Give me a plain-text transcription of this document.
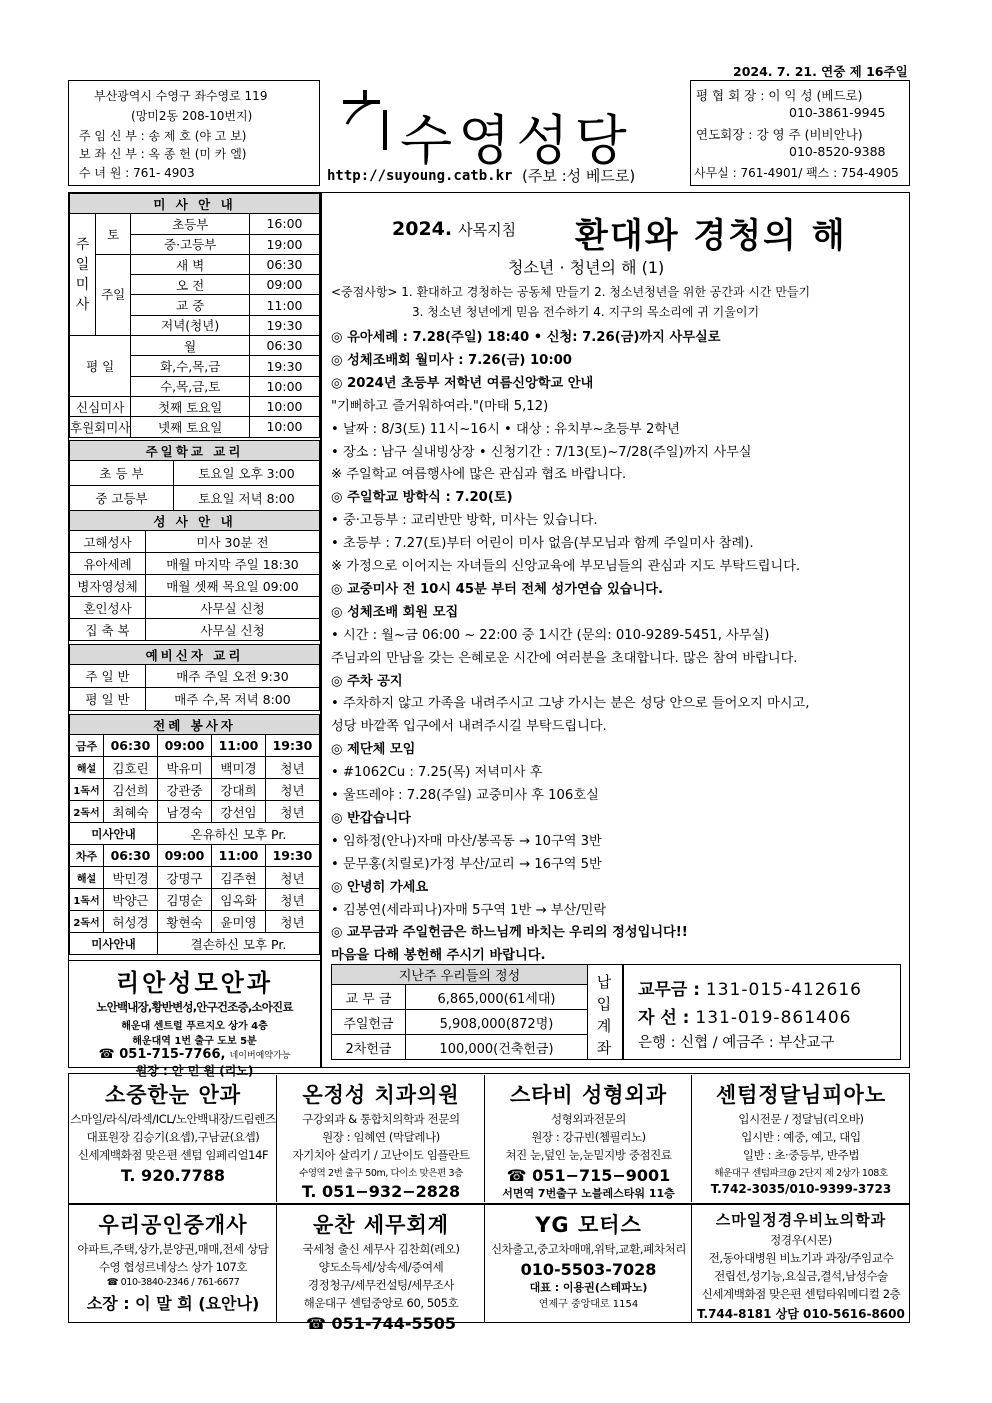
2024. 7. 21. 연중 제 16주일
부산광역시 수영구 좌수영로 119
(망미2동 208-10번지)
주 임 신 부 : 송 제 호 (야 고 보)
보 좌 신 부 : 옥 종 헌 (미 카 엘)
수 녀 원 : 761- 4903
수영성당
http://suyoung.catb.kr (주보 :성 베드로)
평 협 회 장 : 이 익 성 (베드로)
010-3861-9945
연도회장 : 강 영 주 (비비안나)
010-8520-9388
사무실 : 761-4901/ 팩스 : 754-4905
미 사 안 내			
주일미사	토	초등부	16:00
		중·고등부	19:00
	주일	새 벽	06:30
		오 전	09:00
		교 중	11:00
		저녁(청년)	19:30
평 일		월	06:30
		화,수,목,금	19:30
		수,목,금,토	10:00
신심미사		첫째 토요일	10:00
후원회미사		넷째 토요일	10:00
주일학교 교리	
초 등 부	토요일 오후 3:00
중 고등부	토요일 저녁 8:00
성 사 안 내	
고해성사	미사 30분 전
유아세례	매월 마지막 주일 18:30
병자영성체	매월 셋째 목요일 09:00
혼인성사	사무실 신청
집 축 복	사무실 신청
예비신자 교리	
주 일 반	매주 주일 오전 9:30
평 일 반	매주 수,목 저녁 8:00
전례 봉사자				
금주	06:30	09:00	11:00	19:30
해설	김호린	박유미	백미경	청년
1독서	김선희	강관중	강대희	청년
2독서	최혜숙	남경숙	강선임	청년
미사안내		온유하신 모후 Pr.		
차주	06:30	09:00	11:00	19:30
해설	박민경	강명구	김주현	청년
1독서	박양근	김명순	임옥화	청년
2독서	허성경	황현숙	윤미영	청년
미사안내		결손하신 모후 Pr.		
리안성모안과
노안백내장,황반변성,안구건조증,소아진료
해운대 센트럴 푸르지오 상가 4층
해운대역 1번 출구 도보 5분
☎ 051-715-7766, 네이버예약가능
원장 : 안 민 원 (리노)
2024. 사목지침 환대와 경청의 해
청소년 · 청년의 해 (1)
<중점사항> 1. 환대하고 경청하는 공동체 만들기 2. 청소년청년을 위한 공간과 시간 만들기
3. 청소년 청년에게 믿음 전수하기 4. 지구의 목소리에 귀 기울이기
◎ 유아세례 : 7.28(주일) 18:40 • 신청: 7.26(금)까지 사무실로
◎ 성체조배회 월미사 : 7.26(금) 10:00
◎ 2024년 초등부 저학년 여름신앙학교 안내
"기뻐하고 즐거워하여라."(마태 5,12)
• 날짜 : 8/3(토) 11시~16시 • 대상 : 유치부~초등부 2학년
• 장소 : 남구 실내빙상장 • 신청기간 : 7/13(토)~7/28(주일)까지 사무실
※ 주일학교 여름행사에 많은 관심과 협조 바랍니다.
◎ 주일학교 방학식 : 7.20(토)
• 중·고등부 : 교리반만 방학, 미사는 있습니다.
• 초등부 : 7.27(토)부터 어린이 미사 없음(부모님과 함께 주일미사 참례).
※ 가정으로 이어지는 자녀들의 신앙교육에 부모님들의 관심과 지도 부탁드립니다.
◎ 교중미사 전 10시 45분 부터 전체 성가연습 있습니다.
◎ 성체조배 회원 모집
• 시간 : 월~금 06:00 ~ 22:00 중 1시간 (문의: 010-9289-5451, 사무실)
주님과의 만남을 갖는 은혜로운 시간에 여러분을 초대합니다. 많은 참여 바랍니다.
◎ 주차 공지
• 주차하지 않고 가족을 내려주시고 그냥 가시는 분은 성당 안으로 들어오지 마시고,
성당 바깥쪽 입구에서 내려주시길 부탁드립니다.
◎ 제단체 모임
• #1062Cu : 7.25(목) 저녁미사 후
• 울뜨레야 : 7.28(주일) 교중미사 후 106호실
◎ 반갑습니다
• 임하정(안나)자매 마산/봉곡동 → 10구역 3반
• 문무홍(치릴로)가정 부산/교리 → 16구역 5반
◎ 안녕히 가세요
• 김봉연(세라피나)자매 5구역 1반 → 부산/민락
◎ 교무금과 주일헌금은 하느님께 바치는 우리의 정성입니다!!
마음을 다해 봉헌해 주시기 바랍니다.
지난주 우리들의 정성	
교 무 금	6,865,000(61세대)
주일헌금	5,908,000(872명)
2차헌금	100,000(건축헌금)
납입계좌
교무금 : 131-015-412616
자 선 : 131-019-861406
은행 : 신협 / 예금주 : 부산교구
소중한눈 안과
스마일/라식/라섹/ICL/노안백내장/드림렌즈
대표원장 김승기(요셉),구남균(요셉)
신세계백화점 맞은편 센텀 임페리얼14F
T. 920.7788
온정성 치과의원
구강외과 & 통합치의학과 전문의
원장 : 임혜연 (막달레나)
자기치아 살리기 / 고난이도 임플란트
수영역 2번 출구 50m, 다이소 맞은편 3층
T. 051−932−2828
스타비 성형외과
성형외과전문의
원장 : 강규빈(쳄필리노)
쳐진 눈,덮인 눈,눈밑지방 중점진료
☎ 051−715−9001
서면역 7번출구 노블레스타워 11층
센텀정달님피아노
입시전문 / 정달님(리오바)
입시반 : 예중, 예고, 대입
일반 : 초·중등부, 반주법
해운대구 센텀파크@ 2단지 제 2상가 108호
T.742-3035/010-9399-3723
우리공인중개사
아파트,주택,상가,분양권,매매,전세 상담
수영 협성르네상스 상가 107호
☎ 010-3840-2346 / 761-6677
소장 : 이 말 희 (요안나)
윤찬 세무회계
국세청 출신 세무사 김찬희(레오)
양도소득세/상속세/증여세
경정청구/세무컨설팅/세무조사
해운대구 센텀중앙로 60, 505호
☎ 051-744-5505
YG 모터스
신차출고,중고차매매,위탁,교환,폐차처리
010-5503-7028
대표 : 이용권(스테파노)
연제구 중앙대로 1154
스마일정경우비뇨의학과
정경우(시몬)
전,동아대병원 비뇨기과 과장/주임교수
전립선,성기능,요실금,결석,남성수술
신세계백화점 맞은편 센텀타워메디컬 2층
T.744-8181 상담 010-5616-8600
